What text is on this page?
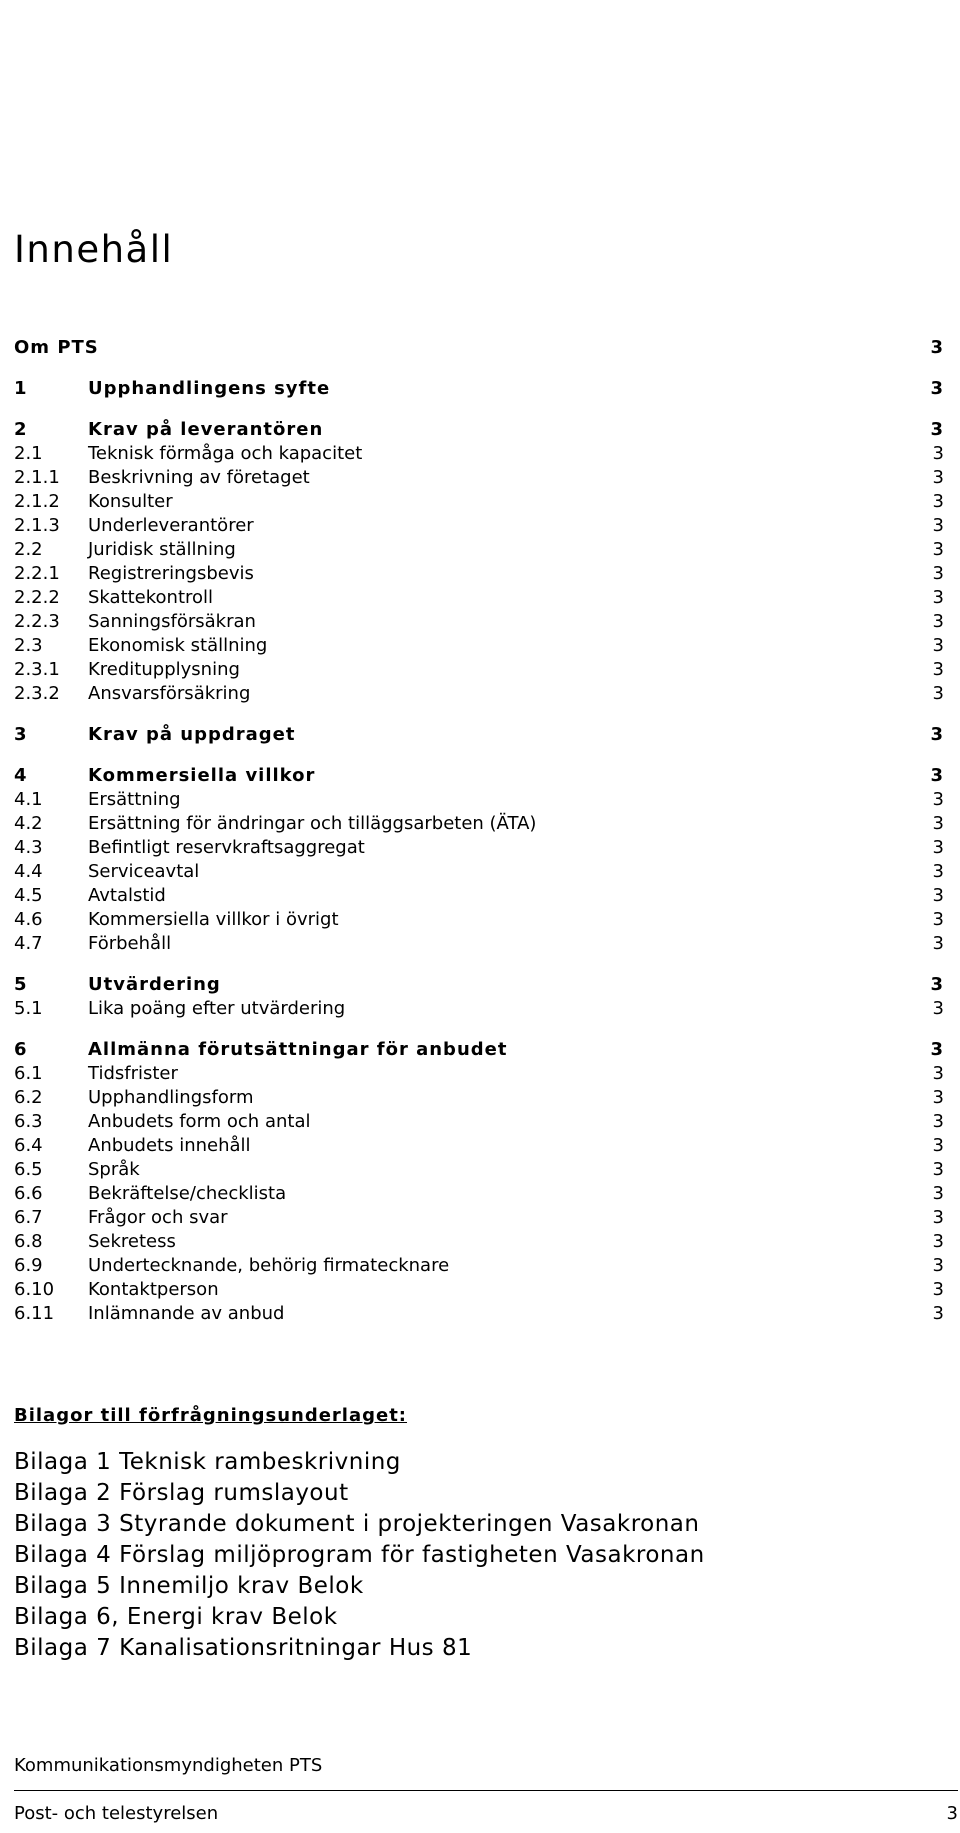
Innehåll
Om PTS	3
1	Upphandlingens syfte	3
2	Krav på leverantören	3
2.1	Teknisk förmåga och kapacitet	3
2.1.1 Beskrivning av företaget	3
2.1.2 Konsulter	3
2.1.3 Underleverantörer	3
2.2	Juridisk ställning	3
2.2.1 Registreringsbevis	3
2.2.2 Skattekontroll	3
2.2.3 Sanningsförsäkran	3
2.3	Ekonomisk ställning	3
2.3.1 Kreditupplysning	3
2.3.2 Ansvarsförsäkring	3
3	Krav på uppdraget	3
4	Kommersiella villkor	3
4.1	Ersättning	3
4.2	Ersättning för ändringar och tilläggsarbeten (ÄTA)	3
4.3	Befintligt reservkraftsaggregat	3
4.4	Serviceavtal	3
4.5	Avtalstid	3
4.6	Kommersiella villkor i övrigt	3
4.7	Förbehåll	3
5	Utvärdering	3
5.1	Lika poäng efter utvärdering	3
6	Allmänna förutsättningar för anbudet	3
6.1	Tidsfrister	3
6.2	Upphandlingsform	3
6.3	Anbudets form och antal	3
6.4	Anbudets innehåll	3
6.5	Språk	3
6.6	Bekräftelse/checklista	3
6.7	Frågor och svar	3
6.8	Sekretess	3
6.9	Undertecknande, behörig firmatecknare	3
6.10 Kontaktperson	3
6.11 Inlämnande av anbud	3
Bilagor till förfrågningsunderlaget:
Bilaga 1 Teknisk rambeskrivning
Bilaga 2 Förslag rumslayout
Bilaga 3 Styrande dokument i projekteringen Vasakronan
Bilaga 4 Förslag miljöprogram för fastigheten Vasakronan
Bilaga 5 Innemiljo krav Belok
Bilaga 6, Energi krav Belok
Bilaga 7 Kanalisationsritningar Hus 81
Kommunikationsmyndigheten PTS
Post- och telestyrelsen	3
